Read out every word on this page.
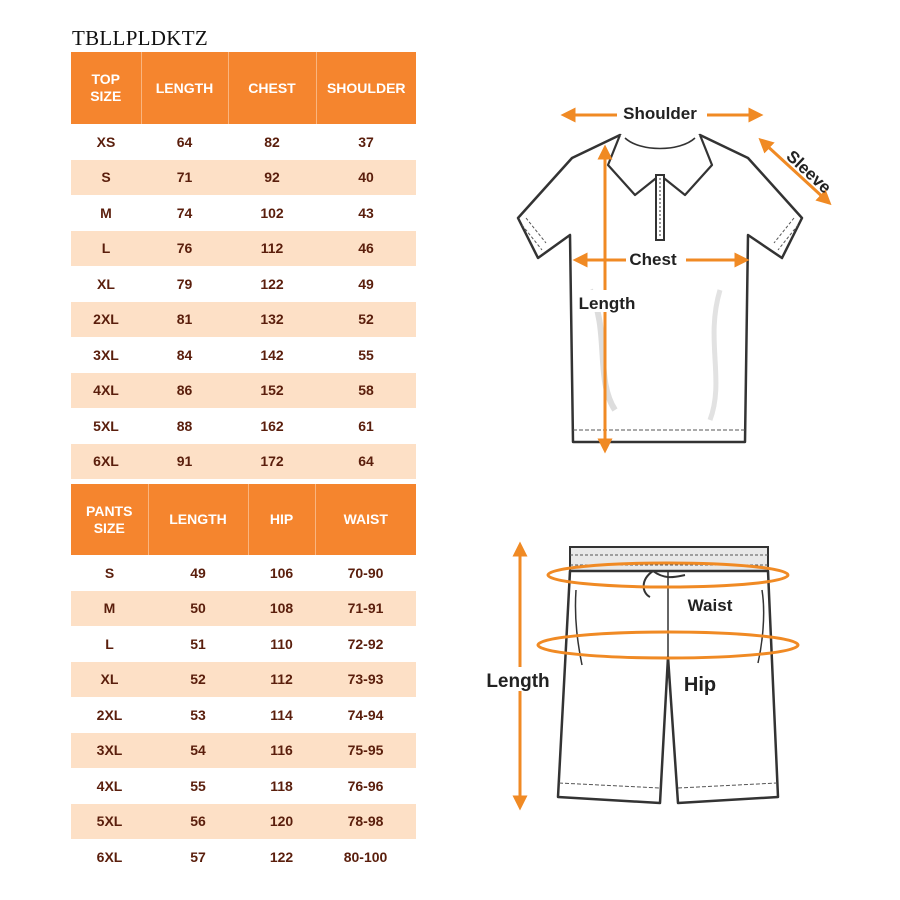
TBLLPLDKTZ
TOP
SIZE	LENGTH	CHEST	SHOULDER
XS	64	82	37
S	71	92	40
M	74	102	43
L	76	112	46
XL	79	122	49
2XL	81	132	52
3XL	84	142	55
4XL	86	152	58
5XL	88	162	61
6XL	91	172	64
PANTS
SIZE	LENGTH	HIP	WAIST
S	49	106	70-90
M	50	108	71-91
L	51	110	72-92
XL	52	112	73-93
2XL	53	114	74-94
3XL	54	116	75-95
4XL	55	118	76-96
5XL	56	120	78-98
6XL	57	122	80-100
Shoulder
Sleeve
Chest
Length
Waist
Hip
Length
